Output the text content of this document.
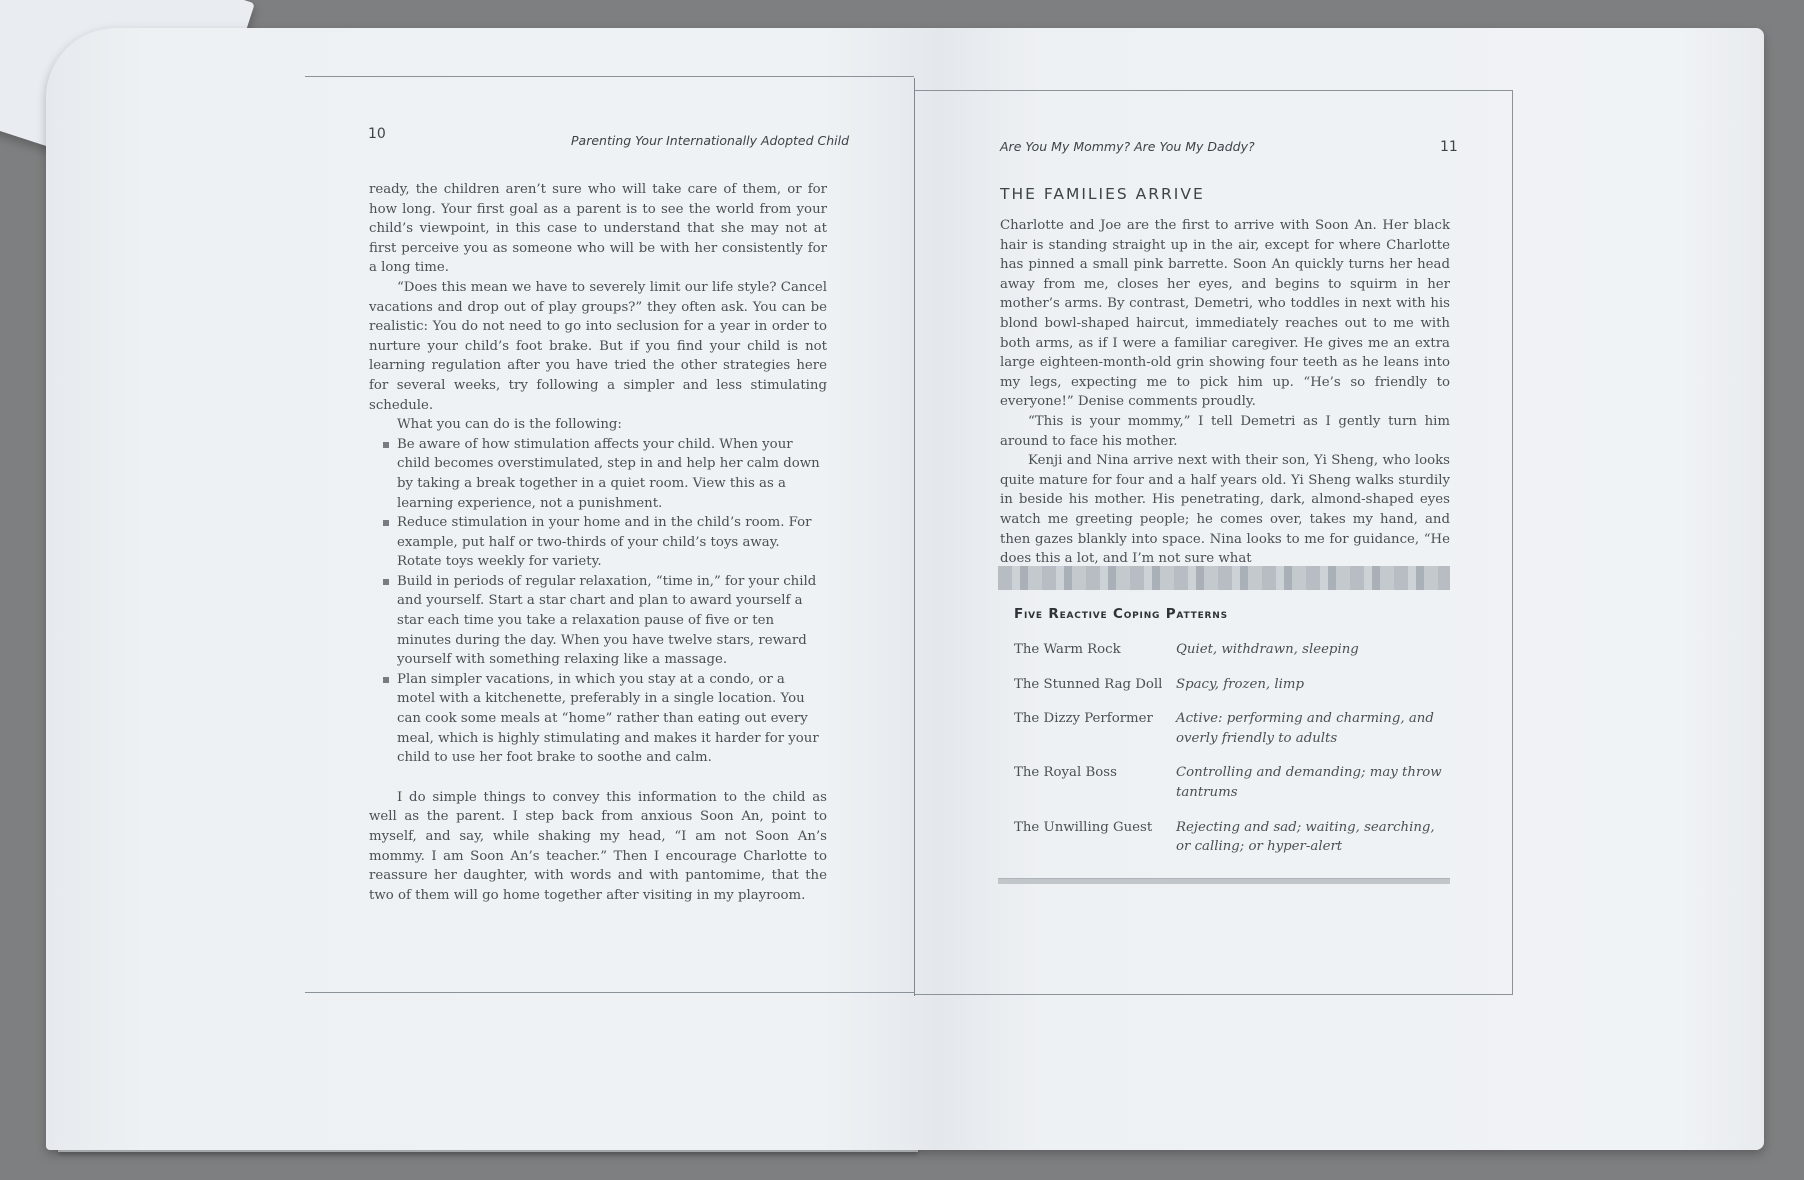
10	Parenting Your Internationally Adopted Child

ready, the children aren’t sure who will take care of them, or for how long. Your first goal as a parent is to see the world from your child’s viewpoint, in this case to understand that she may not at first perceive you as someone who will be with her consistently for a long time.

“Does this mean we have to severely limit our life style? Cancel vacations and drop out of play groups?” they often ask. You can be realistic: You do not need to go into seclusion for a year in order to nurture your child’s foot brake. But if you find your child is not learning regulation after you have tried the other strategies here for several weeks, try following a simpler and less stimulating schedule.

What you can do is the following:

Be aware of how stimulation affects your child. When your child becomes overstimulated, step in and help her calm down by taking a break together in a quiet room. View this as a learning experience, not a punishment.
Reduce stimulation in your home and in the child’s room. For example, put half or two-thirds of your child’s toys away. Rotate toys weekly for variety.
Build in periods of regular relaxation, “time in,” for your child and yourself. Start a star chart and plan to award yourself a star each time you take a relaxation pause of five or ten minutes during the day. When you have twelve stars, reward yourself with something relaxing like a massage.
Plan simpler vacations, in which you stay at a condo, or a motel with a kitchenette, preferably in a single location. You can cook some meals at “home” rather than eating out every meal, which is highly stimulating and makes it harder for your child to use her foot brake to soothe and calm.

I do simple things to convey this information to the child as well as the parent. I step back from anxious Soon An, point to myself, and say, while shaking my head, “I am not Soon An’s mommy. I am Soon An’s teacher.” Then I encourage Charlotte to reassure her daughter, with words and with pantomime, that the two of them will go home together after visiting in my playroom.

Are You My Mommy? Are You My Daddy?	11
THE FAMILIES ARRIVE

Charlotte and Joe are the first to arrive with Soon An. Her black hair is standing straight up in the air, except for where Charlotte has pinned a small pink barrette. Soon An quickly turns her head away from me, closes her eyes, and begins to squirm in her mother’s arms. By contrast, Demetri, who toddles in next with his blond bowl-shaped haircut, immediately reaches out to me with both arms, as if I were a familiar caregiver. He gives me an extra large eighteen-month-old grin showing four teeth as he leans into my legs, expecting me to pick him up. “He’s so friendly to everyone!” Denise comments proudly.

“This is your mommy,” I tell Demetri as I gently turn him around to face his mother.

Kenji and Nina arrive next with their son, Yi Sheng, who looks quite mature for four and a half years old. Yi Sheng walks sturdily in beside his mother. His penetrating, dark, almond-shaped eyes watch me greeting people; he comes over, takes my hand, and then gazes blankly into space. Nina looks to me for guidance, “He does this a lot, and I’m not sure what

Five Reactive Coping Patterns
The Warm Rock	Quiet, withdrawn, sleeping
The Stunned Rag Doll	Spacy, frozen, limp
The Dizzy Performer	Active: performing and charming, and overly friendly to adults
The Royal Boss	Controlling and demanding; may throw tantrums
The Unwilling Guest	Rejecting and sad; waiting, searching, or calling; or hyper-alert
